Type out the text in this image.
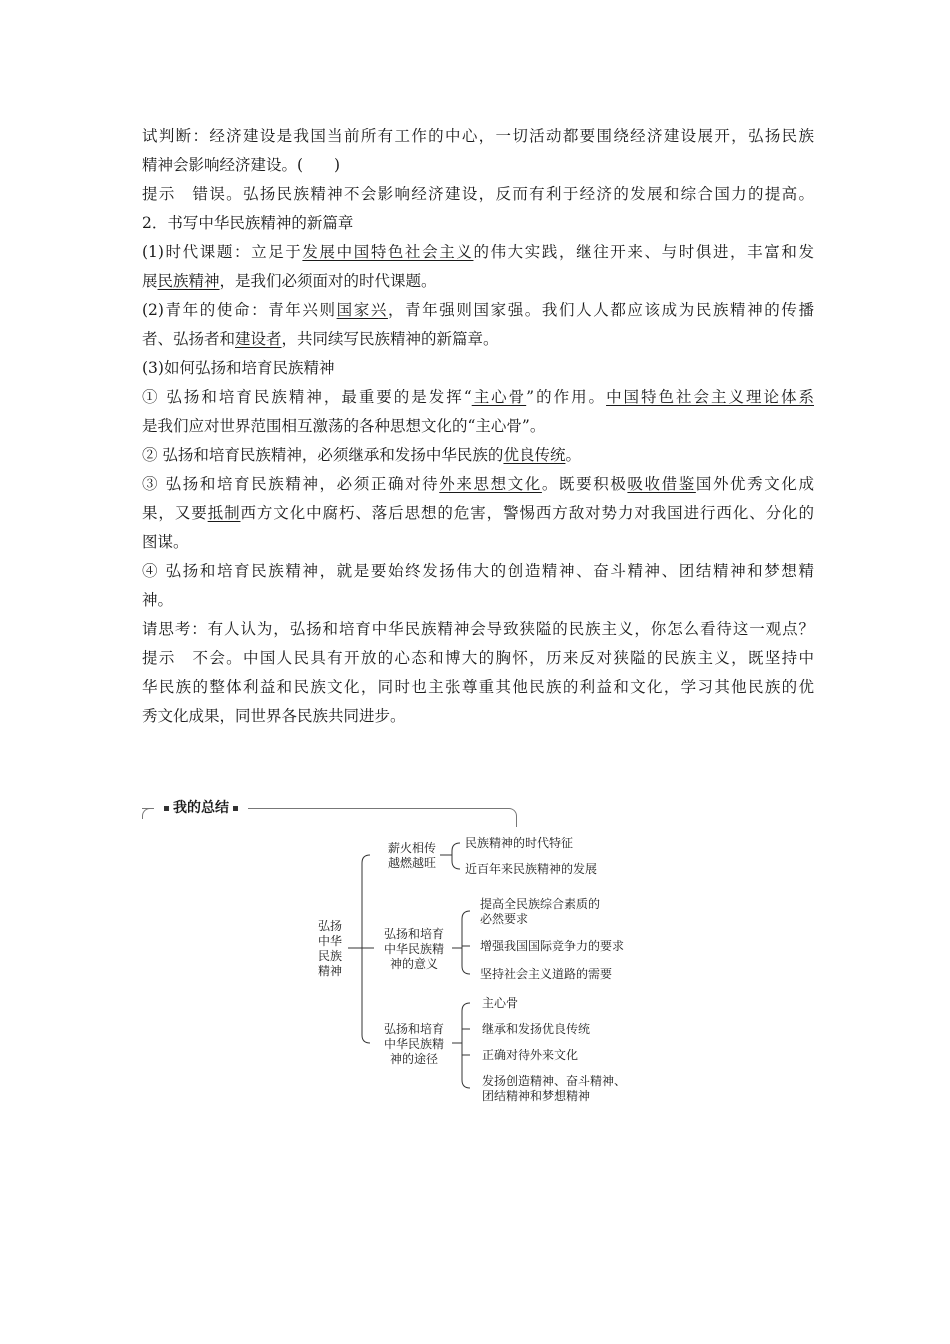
试判断：经济建设是我国当前所有工作的中心，一切活动都要围绕经济建设展开，弘扬民族
精神会影响经济建设。(　　)
提示　错误。弘扬民族精神不会影响经济建设，反而有利于经济的发展和综合国力的提高。
2．书写中华民族精神的新篇章
(1)时代课题：立足于发展中国特色社会主义的伟大实践，继往开来、与时俱进，丰富和发
展民族精神，是我们必须面对的时代课题。
(2)青年的使命：青年兴则国家兴，青年强则国家强。我们人人都应该成为民族精神的传播
者、弘扬者和建设者，共同续写民族精神的新篇章。
(3)如何弘扬和培育民族精神
① 弘扬和培育民族精神，最重要的是发挥“主心骨”的作用。中国特色社会主义理论体系
是我们应对世界范围相互激荡的各种思想文化的“主心骨”。
② 弘扬和培育民族精神，必须继承和发扬中华民族的优良传统。
③ 弘扬和培育民族精神，必须正确对待外来思想文化。既要积极吸收借鉴国外优秀文化成
果，又要抵制西方文化中腐朽、落后思想的危害，警惕西方敌对势力对我国进行西化、分化的
图谋。
④ 弘扬和培育民族精神，就是要始终发扬伟大的创造精神、奋斗精神、团结精神和梦想精
神。
请思考：有人认为，弘扬和培育中华民族精神会导致狭隘的民族主义，你怎么看待这一观点？
提示　不会。中国人民具有开放的心态和博大的胸怀，历来反对狭隘的民族主义，既坚持中
华民族的整体利益和民族文化，同时也主张尊重其他民族的利益和文化，学习其他民族的优
秀文化成果，同世界各民族共同进步。
我的总结
弘扬
中华
民族
精神
薪火相传
越燃越旺
民族精神的时代特征
近百年来民族精神的发展
弘扬和培育
中华民族精
神的意义
提高全民族综合素质的
必然要求
增强我国国际竞争力的要求
坚持社会主义道路的需要
弘扬和培育
中华民族精
神的途径
主心骨
继承和发扬优良传统
正确对待外来文化
发扬创造精神、奋斗精神、
团结精神和梦想精神
